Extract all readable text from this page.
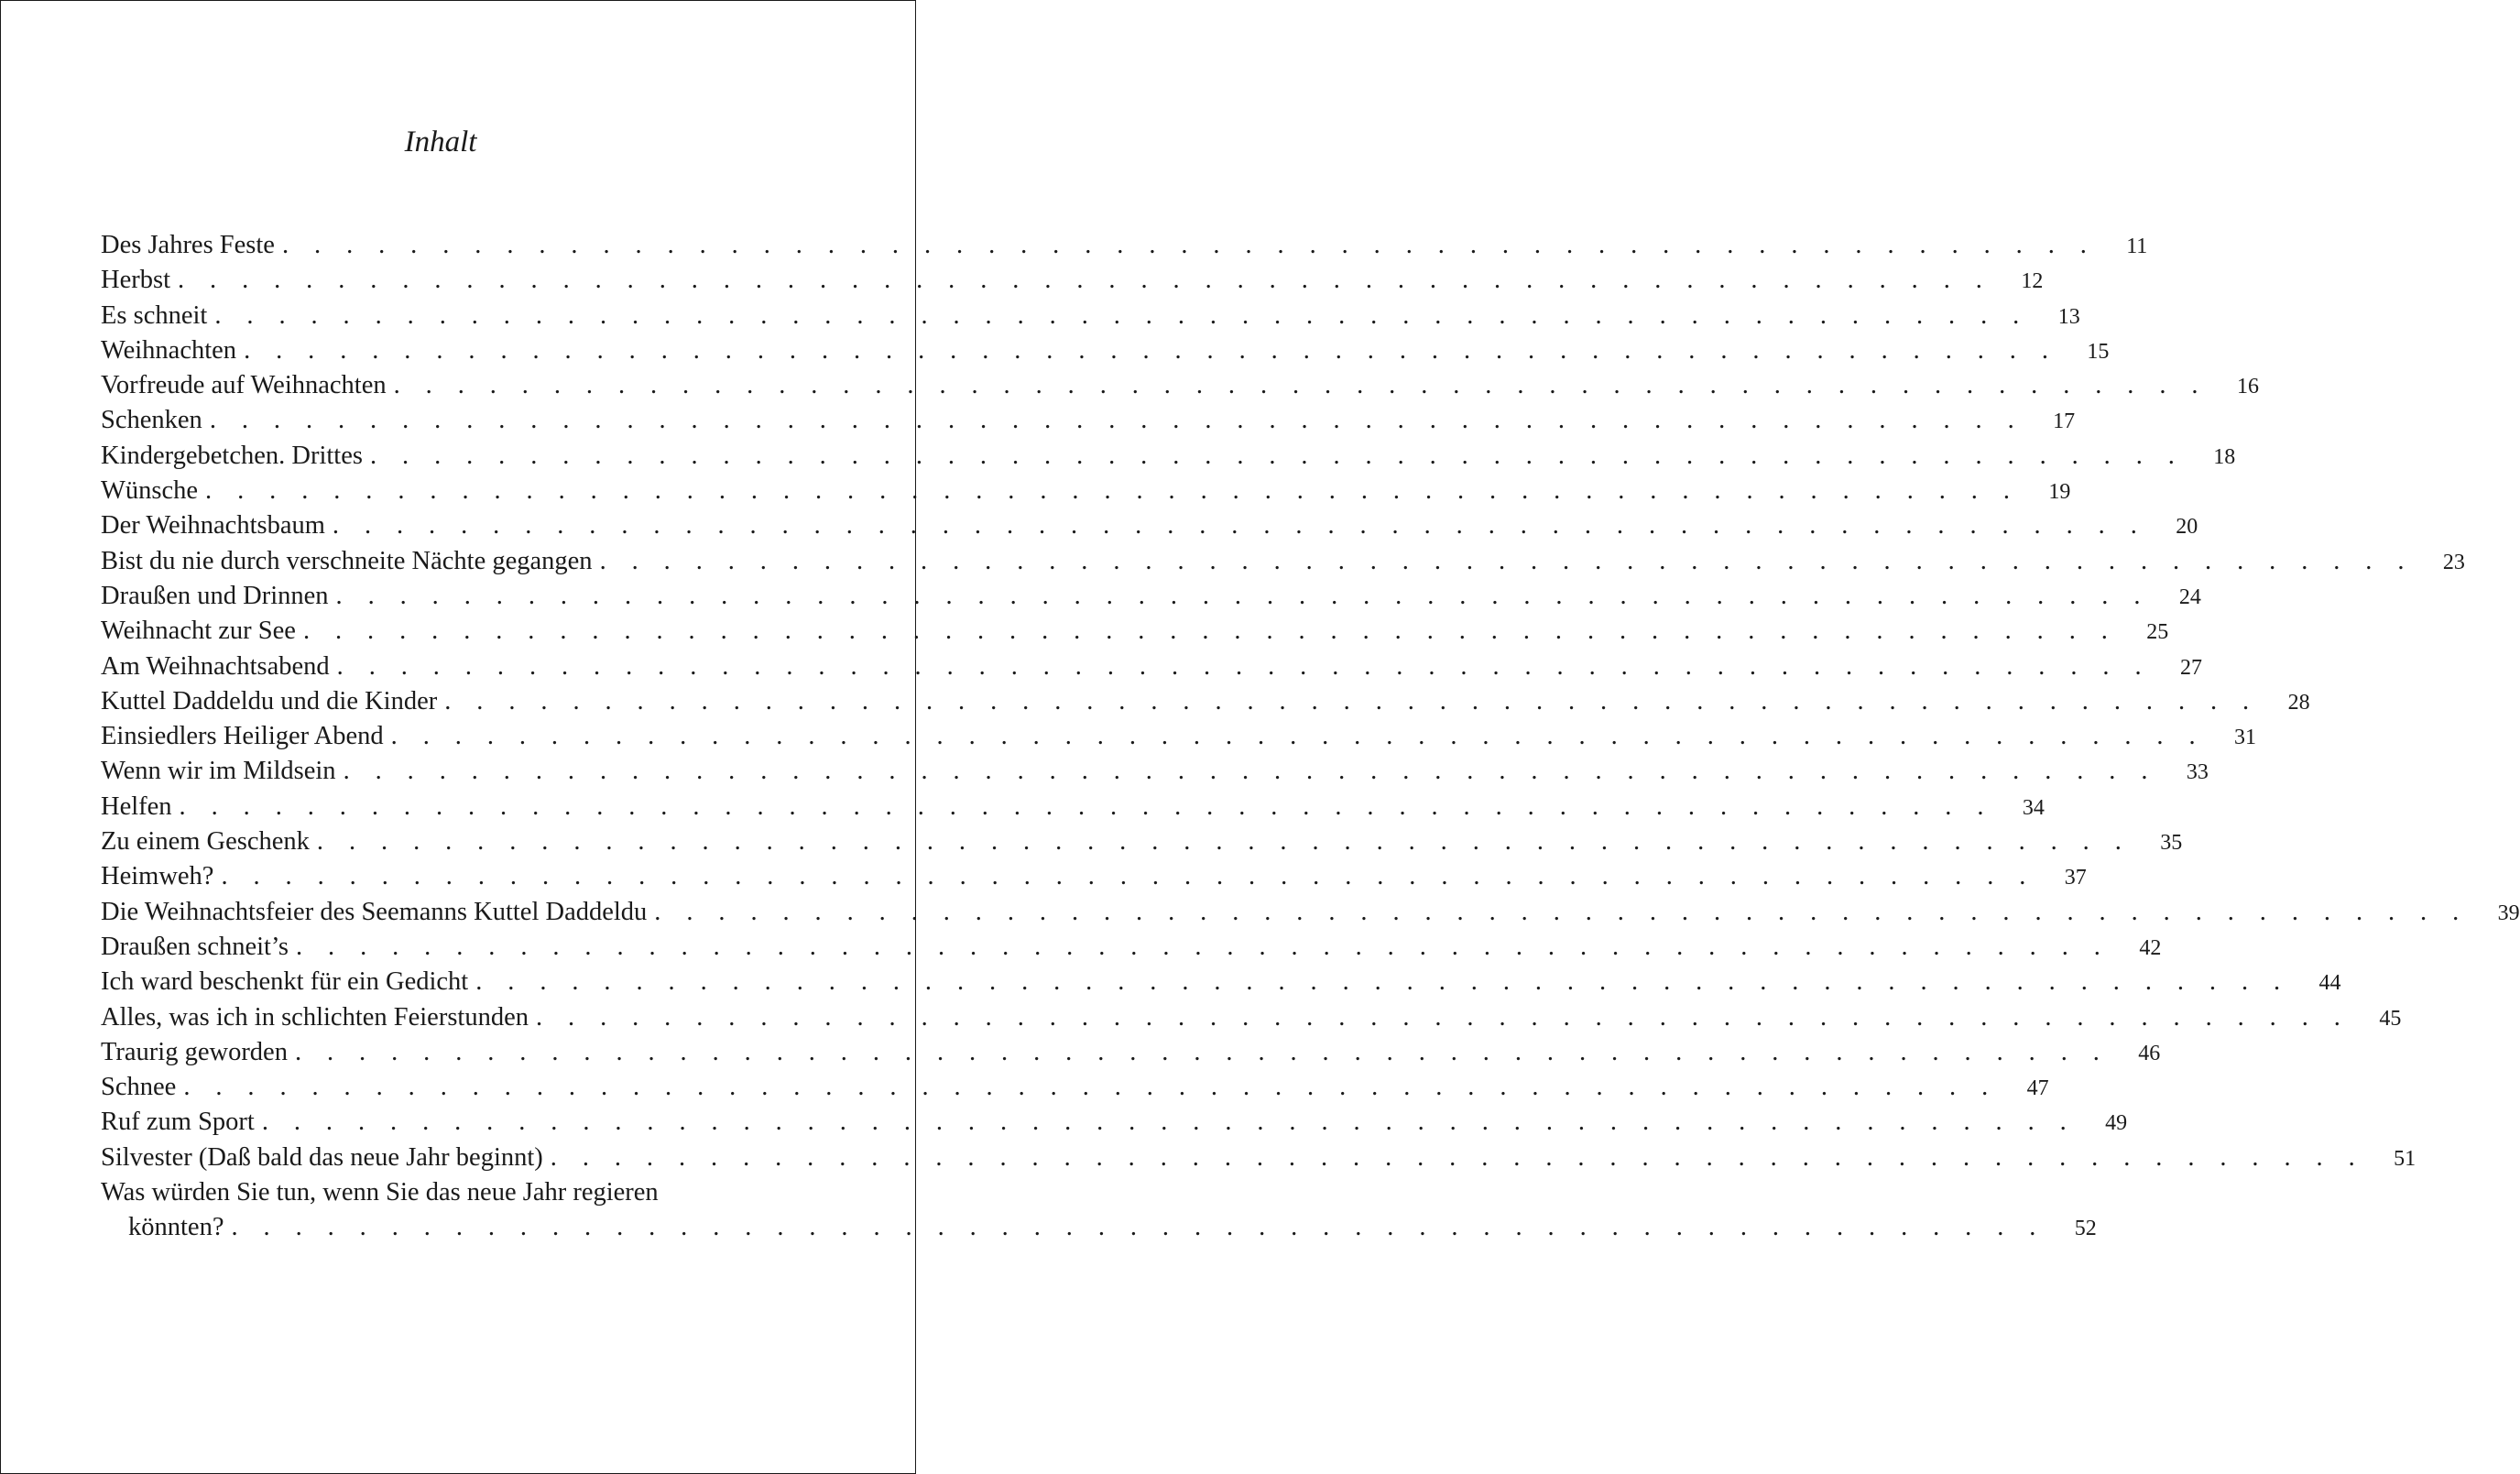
Inhalt
Des Jahres Feste . . . . . . . . . . . . . . . . . . . . . . . . . . . . . . . . . . . . . . . . . . . . . . . . . . . . . . . . .	11
Herbst . . . . . . . . . . . . . . . . . . . . . . . . . . . . . . . . . . . . . . . . . . . . . . . . . . . . . . . . .	12
Es schneit . . . . . . . . . . . . . . . . . . . . . . . . . . . . . . . . . . . . . . . . . . . . . . . . . . . . . . . . .	13
Weihnachten . . . . . . . . . . . . . . . . . . . . . . . . . . . . . . . . . . . . . . . . . . . . . . . . . . . . . . . . .	15
Vorfreude auf Weihnachten . . . . . . . . . . . . . . . . . . . . . . . . . . . . . . . . . . . . . . . . . . . . . . . . . . . . . . . . .	16
Schenken . . . . . . . . . . . . . . . . . . . . . . . . . . . . . . . . . . . . . . . . . . . . . . . . . . . . . . . . .	17
Kindergebetchen. Drittes . . . . . . . . . . . . . . . . . . . . . . . . . . . . . . . . . . . . . . . . . . . . . . . . . . . . . . . . .	18
Wünsche . . . . . . . . . . . . . . . . . . . . . . . . . . . . . . . . . . . . . . . . . . . . . . . . . . . . . . . . .	19
Der Weihnachtsbaum . . . . . . . . . . . . . . . . . . . . . . . . . . . . . . . . . . . . . . . . . . . . . . . . . . . . . . . . .	20
Bist du nie durch verschneite Nächte gegangen . . . . . . . . . . . . . . . . . . . . . . . . . . . . . . . . . . . . . . . . . . . . . . . . . . . . . . . . .	23
Draußen und Drinnen . . . . . . . . . . . . . . . . . . . . . . . . . . . . . . . . . . . . . . . . . . . . . . . . . . . . . . . . .	24
Weihnacht zur See . . . . . . . . . . . . . . . . . . . . . . . . . . . . . . . . . . . . . . . . . . . . . . . . . . . . . . . . .	25
Am Weihnachtsabend . . . . . . . . . . . . . . . . . . . . . . . . . . . . . . . . . . . . . . . . . . . . . . . . . . . . . . . . .	27
Kuttel Daddeldu und die Kinder . . . . . . . . . . . . . . . . . . . . . . . . . . . . . . . . . . . . . . . . . . . . . . . . . . . . . . . . .	28
Einsiedlers Heiliger Abend . . . . . . . . . . . . . . . . . . . . . . . . . . . . . . . . . . . . . . . . . . . . . . . . . . . . . . . . .	31
Wenn wir im Mildsein . . . . . . . . . . . . . . . . . . . . . . . . . . . . . . . . . . . . . . . . . . . . . . . . . . . . . . . . .	33
Helfen . . . . . . . . . . . . . . . . . . . . . . . . . . . . . . . . . . . . . . . . . . . . . . . . . . . . . . . . .	34
Zu einem Geschenk . . . . . . . . . . . . . . . . . . . . . . . . . . . . . . . . . . . . . . . . . . . . . . . . . . . . . . . . .	35
Heimweh? . . . . . . . . . . . . . . . . . . . . . . . . . . . . . . . . . . . . . . . . . . . . . . . . . . . . . . . . .	37
Die Weihnachtsfeier des Seemanns Kuttel Daddeldu . . . . . . . . . . . . . . . . . . . . . . . . . . . . . . . . . . . . . . . . . . . . . . . . . . . . . . . . .	39
Draußen schneit’s . . . . . . . . . . . . . . . . . . . . . . . . . . . . . . . . . . . . . . . . . . . . . . . . . . . . . . . . .	42
Ich ward beschenkt für ein Gedicht . . . . . . . . . . . . . . . . . . . . . . . . . . . . . . . . . . . . . . . . . . . . . . . . . . . . . . . . .	44
Alles, was ich in schlichten Feierstunden . . . . . . . . . . . . . . . . . . . . . . . . . . . . . . . . . . . . . . . . . . . . . . . . . . . . . . . . .	45
Traurig geworden . . . . . . . . . . . . . . . . . . . . . . . . . . . . . . . . . . . . . . . . . . . . . . . . . . . . . . . . .	46
Schnee . . . . . . . . . . . . . . . . . . . . . . . . . . . . . . . . . . . . . . . . . . . . . . . . . . . . . . . . .	47
Ruf zum Sport . . . . . . . . . . . . . . . . . . . . . . . . . . . . . . . . . . . . . . . . . . . . . . . . . . . . . . . . .	49
Silvester (Daß bald das neue Jahr beginnt) . . . . . . . . . . . . . . . . . . . . . . . . . . . . . . . . . . . . . . . . . . . . . . . . . . . . . . . . .	51
Was würden Sie tun, wenn Sie das neue Jahr regieren
könnten? . . . . . . . . . . . . . . . . . . . . . . . . . . . . . . . . . . . . . . . . . . . . . . . . . . . . . . . . .	52
